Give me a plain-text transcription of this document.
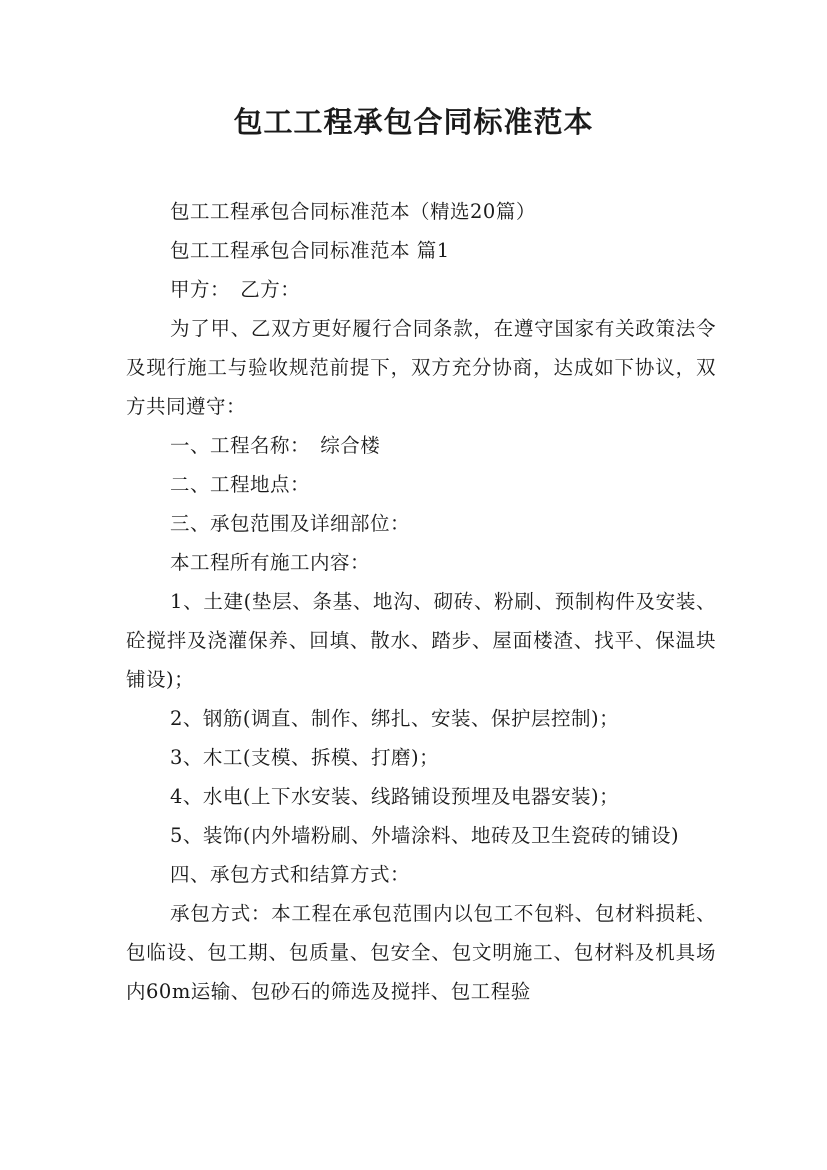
包工工程承包合同标准范本

包工工程承包合同标准范本（精选20篇）

包工工程承包合同标准范本 篇1

甲方：　乙方：

为了甲、乙双方更好履行合同条款，在遵守国家有关政策法令及现行施工与验收规范前提下，双方充分协商，达成如下协议，双方共同遵守：

一、工程名称：　综合楼

二、工程地点：

三、承包范围及详细部位：

本工程所有施工内容：

1、土建(垫层、条基、地沟、砌砖、粉刷、预制构件及安装、砼搅拌及浇灌保养、回填、散水、踏步、屋面楼渣、找平、保温块铺设)；

2、钢筋(调直、制作、绑扎、安装、保护层控制)；

3、木工(支模、拆模、打磨)；

4、水电(上下水安装、线路铺设预埋及电器安装)；

5、装饰(内外墙粉刷、外墙涂料、地砖及卫生瓷砖的铺设)

四、承包方式和结算方式：

承包方式：本工程在承包范围内以包工不包料、包材料损耗、包临设、包工期、包质量、包安全、包文明施工、包材料及机具场内60m运输、包砂石的筛选及搅拌、包工程验
